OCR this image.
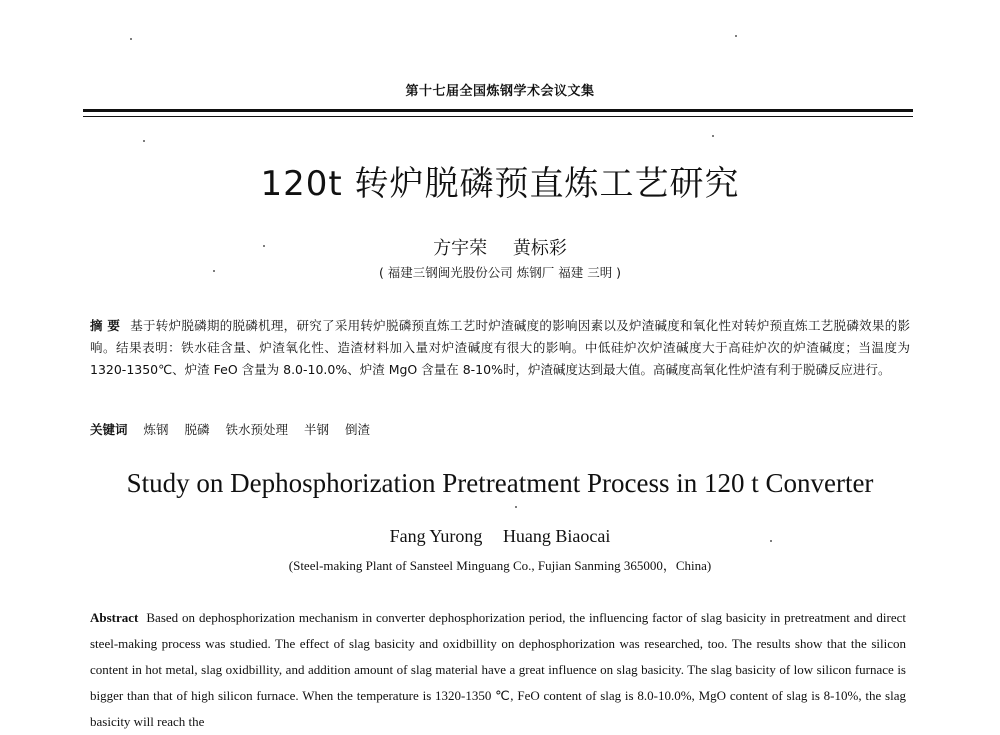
第十七届全国炼钢学术会议文集
120t 转炉脱磷预直炼工艺研究
方宇荣 黄标彩
( 福建三钢闽光股份公司 炼钢厂 福建 三明 )
摘 要 基于转炉脱磷期的脱磷机理，研究了采用转炉脱磷预直炼工艺时炉渣碱度的影响因素以及炉渣碱度和氧化性对转炉预直炼工艺脱磷效果的影响。结果表明：铁水硅含量、炉渣氧化性、造渣材料加入量对炉渣碱度有很大的影响。中低硅炉次炉渣碱度大于高硅炉次的炉渣碱度；当温度为 1320-1350℃、炉渣 FeO 含量为 8.0-10.0%、炉渣 MgO 含量在 8-10%时，炉渣碱度达到最大值。高碱度高氧化性炉渣有利于脱磷反应进行。
关键词 炼钢 脱磷 铁水预处理 半钢 倒渣
Study on Dephosphorization Pretreatment Process in 120 t Converter
Fang Yurong Huang Biaocai
(Steel-making Plant of Sansteel Minguang Co., Fujian Sanming 365000，China)
Abstract Based on dephosphorization mechanism in converter dephosphorization period, the influencing factor of slag basicity in pretreatment and direct steel-making process was studied. The effect of slag basicity and oxidbillity on dephosphorization was researched, too. The results show that the silicon content in hot metal, slag oxidbillity, and addition amount of slag material have a great influence on slag basicity. The slag basicity of low silicon furnace is bigger than that of high silicon furnace. When the temperature is 1320-1350 ℃, FeO content of slag is 8.0-10.0%, MgO content of slag is 8-10%, the slag basicity will reach the
